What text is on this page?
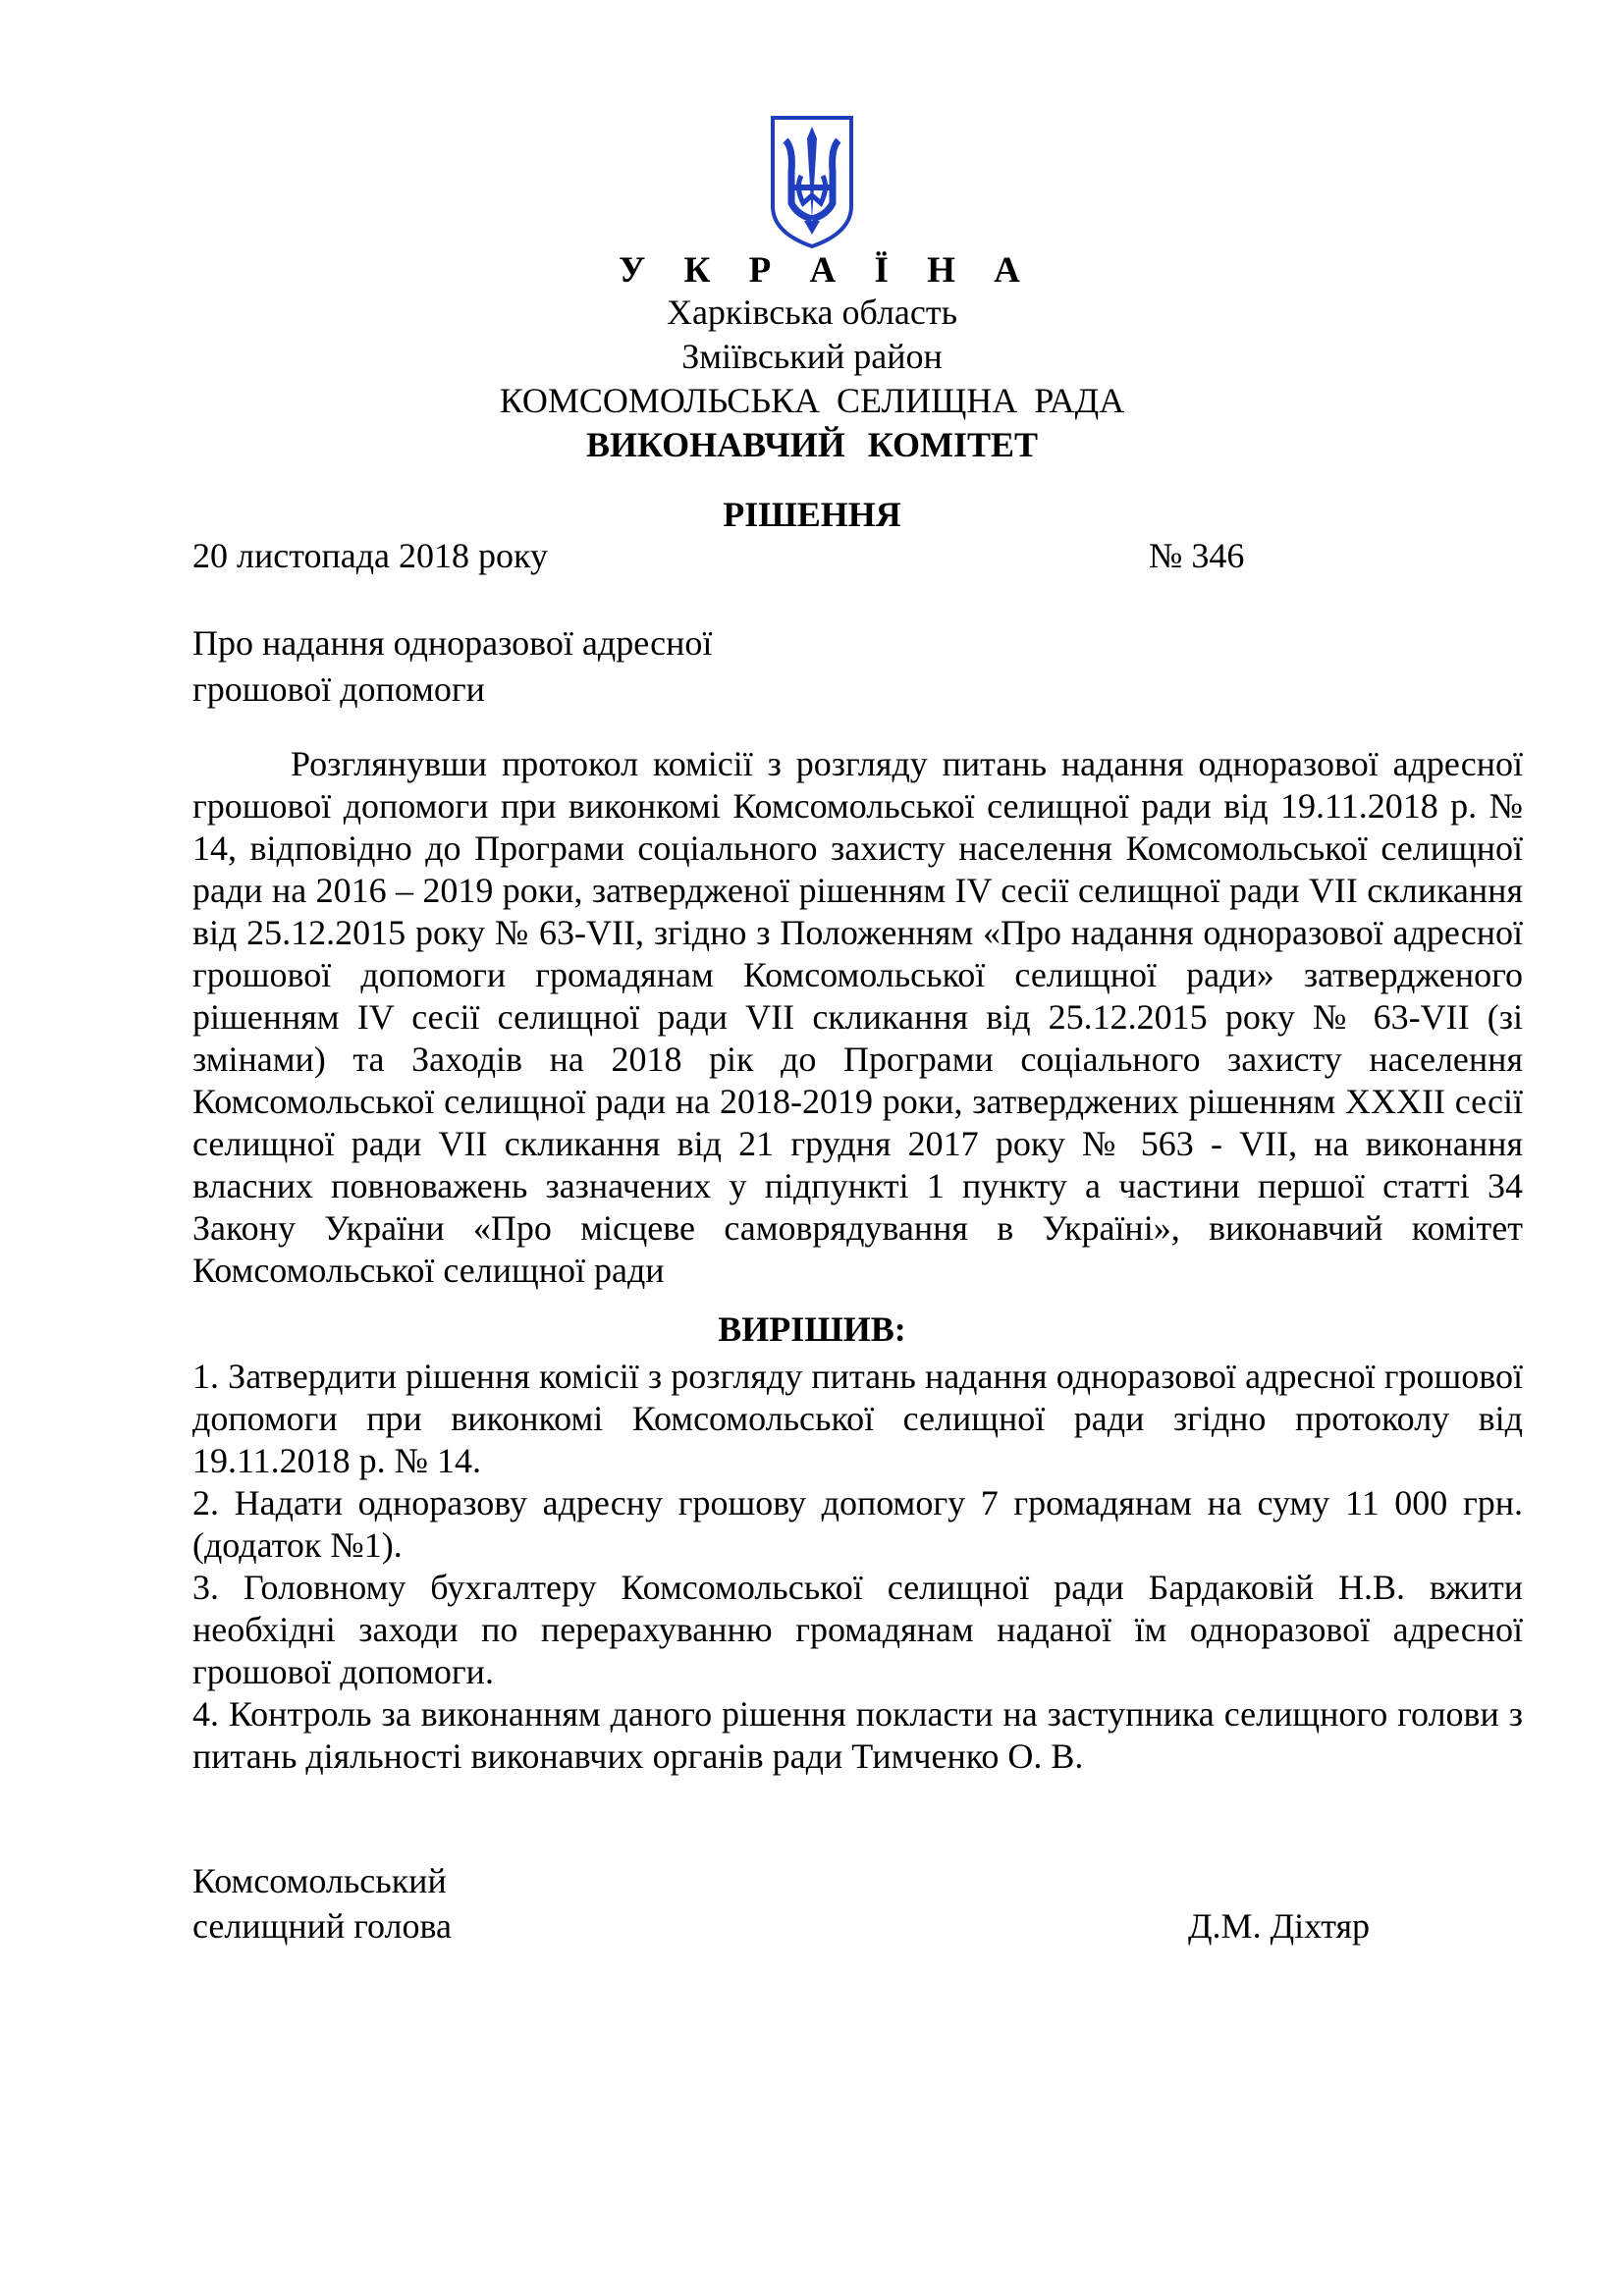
У К Р А Ї Н А
Харківська область
Зміївський район
КОМСОМОЛЬСЬКА СЕЛИЩНА РАДА
ВИКОНАВЧИЙ КОМІТЕТ
РІШЕННЯ
20 листопада 2018 року	№ 346
Про надання одноразової адресної
грошової допомоги
Розглянувши протокол комісії з розгляду питань надання одноразової адресної грошової допомоги при виконкомі Комсомольської селищної ради від 19.11.2018 р. № 14, відповідно до Програми соціального захисту населення Комсомольської селищної ради на 2016 – 2019 роки, затвердженої рішенням IV сесії селищної ради VII скликання від 25.12.2015 року № 63-VII, згідно з Положенням «Про надання одноразової адресної грошової допомоги громадянам Комсомольської селищної ради» затвердженого рішенням IV сесії селищної ради VII скликання від 25.12.2015 року № 63-VII (зі змінами) та Заходів на 2018 рік до Програми соціального захисту населення Комсомольської селищної ради на 2018-2019 роки, затверджених рішенням XXXII сесії селищної ради VII скликання від 21 грудня 2017 року № 563 - VII, на виконання власних повноважень зазначених у підпункті 1 пункту а частини першої статті 34 Закону України «Про місцеве самоврядування в Україні», виконавчий комітет Комсомольської селищної ради
ВИРІШИВ:
1. Затвердити рішення комісії з розгляду питань надання одноразової адресної грошової допомоги при виконкомі Комсомольської селищної ради згідно протоколу від 19.11.2018 р. № 14.
2. Надати одноразову адресну грошову допомогу 7 громадянам на суму 11 000 грн. (додаток №1).
3. Головному бухгалтеру Комсомольської селищної ради Бардаковій Н.В. вжити необхідні заходи по перерахуванню громадянам наданої їм одноразової адресної грошової допомоги.
4. Контроль за виконанням даного рішення покласти на заступника селищного голови з питань діяльності виконавчих органів ради Тимченко О. В.
Комсомольський
селищний голова	Д.М. Діхтяр
